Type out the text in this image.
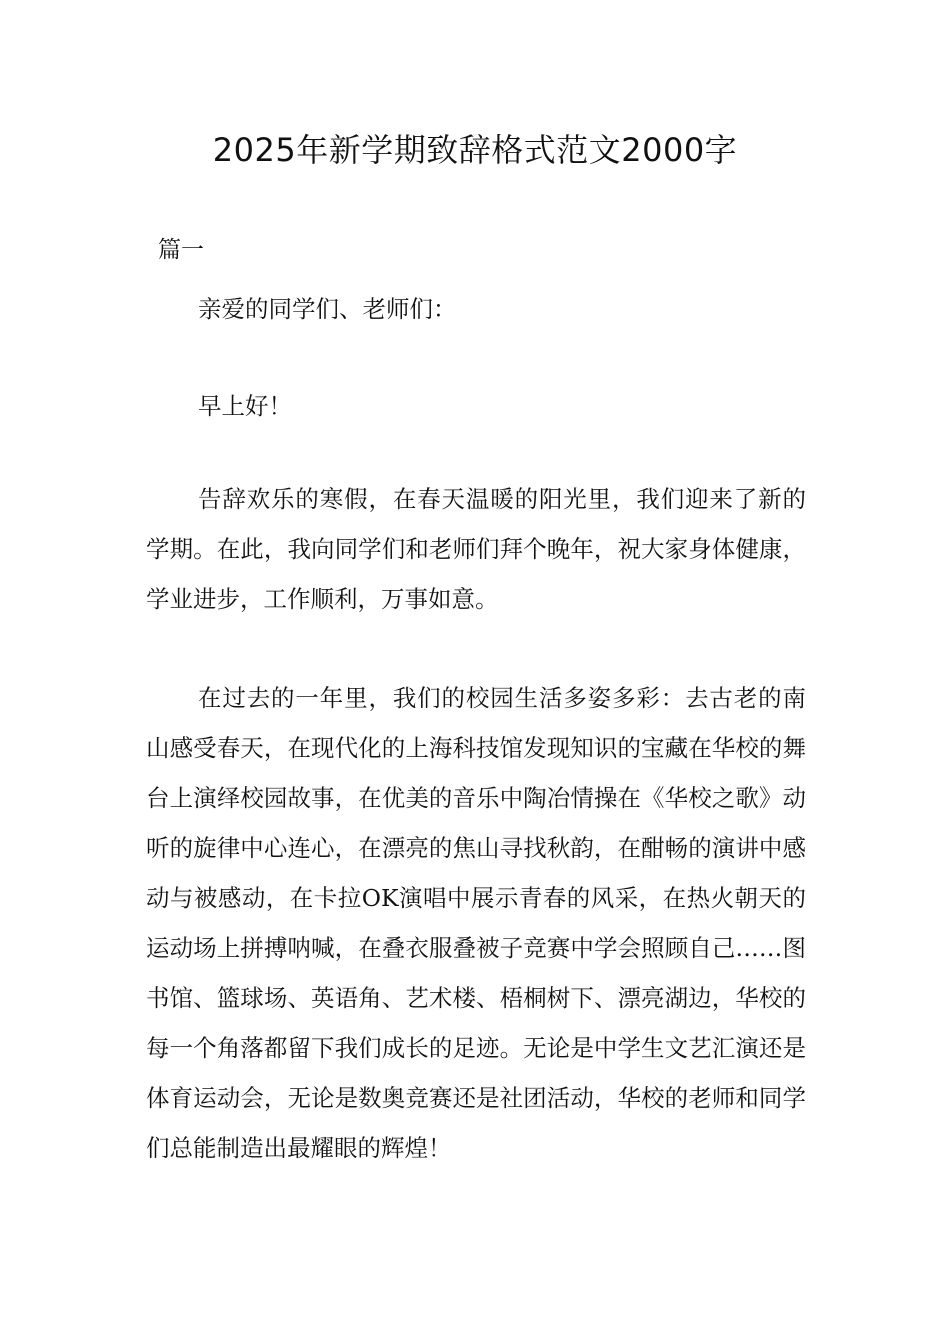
2025年新学期致辞格式范文2000字
篇一

亲爱的同学们、老师们：

早上好！

告辞欢乐的寒假，在春天温暖的阳光里，我们迎来了新的学期。在此，我向同学们和老师们拜个晚年，祝大家身体健康，学业进步，工作顺利，万事如意。

在过去的一年里，我们的校园生活多姿多彩：去古老的南山感受春天，在现代化的上海科技馆发现知识的宝藏在华校的舞台上演绎校园故事，在优美的音乐中陶冶情操在《华校之歌》动听的旋律中心连心，在漂亮的焦山寻找秋韵，在酣畅的演讲中感动与被感动，在卡拉OK演唱中展示青春的风采，在热火朝天的运动场上拼搏呐喊，在叠衣服叠被子竞赛中学会照顾自己……图书馆、篮球场、英语角、艺术楼、梧桐树下、漂亮湖边，华校的每一个角落都留下我们成长的足迹。无论是中学生文艺汇演还是体育运动会，无论是数奥竞赛还是社团活动，华校的老师和同学们总能制造出最耀眼的辉煌！
